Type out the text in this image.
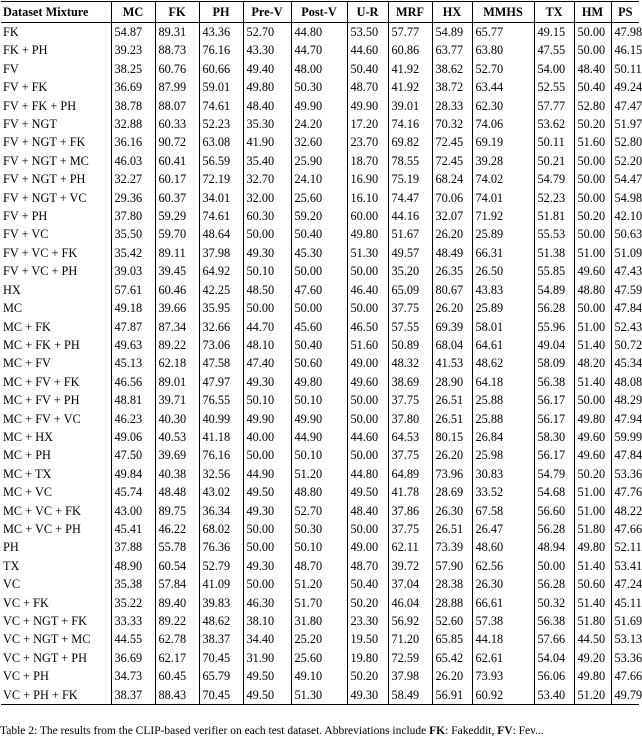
Dataset Mixture	MC	FK	PH	Pre-V	Post-V	U-R	MRF	HX	MMHS	TX	HM	PS
FK	54.87	89.31	43.36	52.70	44.80	53.50	57.77	54.89	65.77	49.15	50.00	47.98
FK + PH	39.23	88.73	76.16	43.30	44.70	44.60	60.86	63.77	63.80	47.55	50.00	46.15
FV	38.25	60.76	60.66	49.40	48.00	50.40	41.92	38.62	52.70	54.00	48.40	50.11
FV + FK	36.69	87.99	59.01	49.80	50.30	48.70	41.92	38.72	63.44	52.55	50.40	49.24
FV + FK + PH	38.78	88.07	74.61	48.40	49.90	49.90	39.01	28.33	62.30	57.77	52.80	47.47
FV + NGT	32.88	60.33	52.23	35.30	24.20	17.20	74.16	70.32	74.06	53.62	50.20	51.97
FV + NGT + FK	36.16	90.72	63.08	41.90	32.60	23.70	69.82	72.45	69.19	50.11	51.60	52.80
FV + NGT + MC	46.03	60.41	56.59	35.40	25.90	18.70	78.55	72.45	39.28	50.21	50.00	52.20
FV + NGT + PH	32.27	60.17	72.19	32.70	24.10	16.90	75.19	68.24	74.02	54.79	50.00	54.47
FV + NGT + VC	29.36	60.37	34.01	32.00	25.60	16.10	74.47	70.06	74.01	52.23	50.00	54.98
FV + PH	37.80	59.29	74.61	60.30	59.20	60.00	44.16	32.07	71.92	51.81	50.20	42.10
FV + VC	35.50	59.70	48.64	50.00	50.40	49.80	51.67	26.20	25.89	55.53	50.00	50.63
FV + VC + FK	35.42	89.11	37.98	49.30	45.30	51.30	49.57	48.49	66.31	51.38	51.00	51.09
FV + VC + PH	39.03	39.45	64.92	50.10	50.00	50.00	35.20	26.35	26.50	55.85	49.60	47.43
HX	57.61	60.46	42.25	48.50	47.60	46.40	65.09	80.67	43.83	54.89	48.80	47.59
MC	49.18	39.66	35.95	50.00	50.00	50.00	37.75	26.20	25.89	56.28	50.00	47.84
MC + FK	47.87	87.34	32.66	44.70	45.60	46.50	57.55	69.39	58.01	55.96	51.00	52.43
MC + FK + PH	49.63	89.22	73.06	48.10	50.40	51.60	50.89	68.04	64.61	49.04	51.40	50.72
MC + FV	45.13	62.18	47.58	47.40	50.60	49.00	48.32	41.53	48.62	58.09	48.20	45.34
MC + FV + FK	46.56	89.01	47.97	49.30	49.80	49.60	38.69	28.90	64.18	56.38	51.40	48.08
MC + FV + PH	48.81	39.71	76.55	50.10	50.10	50.00	37.75	26.51	25.88	56.17	50.00	48.29
MC + FV + VC	46.23	40.30	40.99	49.90	49.90	50.00	37.80	26.51	25.88	56.17	49.80	47.94
MC + HX	49.06	40.53	41.18	40.00	44.90	44.60	64.53	80.15	26.84	58.30	49.60	59.99
MC + PH	47.50	39.69	76.16	50.00	50.10	50.00	37.75	26.20	25.98	56.17	49.60	47.84
MC + TX	49.84	40.38	32.56	44.90	51.20	44.80	64.89	73.96	30.83	54.79	50.20	53.36
MC + VC	45.74	48.48	43.02	49.50	48.80	49.50	41.78	28.69	33.52	54.68	51.00	47.76
MC + VC + FK	43.00	89.75	36.34	49.30	52.70	48.40	37.86	26.30	67.58	56.60	51.00	48.22
MC + VC + PH	45.41	46.22	68.02	50.00	50.30	50.00	37.75	26.51	26.47	56.28	51.80	47.66
PH	37.88	55.78	76.36	50.00	50.10	49.00	62.11	73.39	48.60	48.94	49.80	52.11
TX	48.90	60.54	52.79	49.30	48.70	48.70	39.72	57.90	62.56	50.00	51.40	53.41
VC	35.38	57.84	41.09	50.00	51.20	50.40	37.04	28.38	26.30	56.28	50.60	47.24
VC + FK	35.22	89.40	39.83	46.30	51.70	50.20	46.04	28.88	66.61	50.32	51.40	45.11
VC + NGT + FK	33.33	89.22	48.62	38.10	31.80	23.30	56.92	52.60	57.38	56.38	51.80	51.69
VC + NGT + MC	44.55	62.78	38.37	34.40	25.20	19.50	71.20	65.85	44.18	57.66	44.50	53.13
VC + NGT + PH	36.69	62.17	70.45	31.90	25.60	19.80	72.59	65.42	62.61	54.04	49.20	53.36
VC + PH	34.73	60.45	65.79	49.50	49.10	50.20	37.98	26.20	73.93	56.06	49.80	47.66
VC + PH + FK	38.37	88.43	70.45	49.50	51.30	49.30	58.49	56.91	60.92	53.40	51.20	49.79
Table 2: The results from the CLIP-based verifier on each test dataset. Abbreviations include FK: Fakeddit, FV: Fev...
